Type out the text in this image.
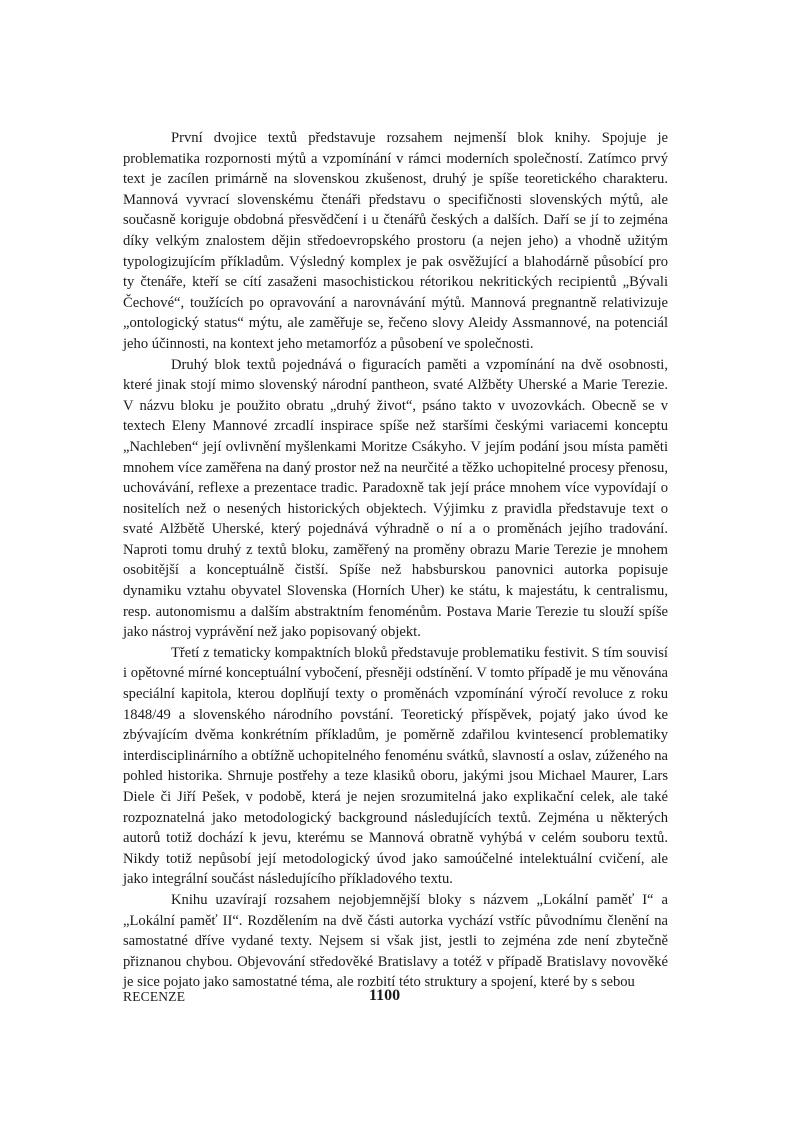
První dvojice textů představuje rozsahem nejmenší blok knihy. Spojuje je problematika rozpornosti mýtů a vzpomínání v rámci moderních společností. Zatímco prvý text je zacílen primárně na slovenskou zkušenost, druhý je spíše teoretického charakteru. Mannová vyvrací slovenskému čtenáři představu o specifičnosti slovenských mýtů, ale současně koriguje obdobná přesvědčení i u čtenářů českých a dalších. Daří se jí to zejména díky velkým znalostem dějin středoevropského prostoru (a nejen jeho) a vhodně užitým typologizujícím příkladům. Výsledný komplex je pak osvěžující a blahodárně působící pro ty čtenáře, kteří se cítí zasaženi masochistickou rétorikou nekritických recipientů „Bývali Čechové“, toužících po opravování a narovnávání mýtů. Mannová pregnantně relativizuje „ontologický status“ mýtu, ale zaměřuje se, řečeno slovy Aleidy Assmannové, na potenciál jeho účinnosti, na kontext jeho metamorfóz a působení ve společnosti.

Druhý blok textů pojednává o figuracích paměti a vzpomínání na dvě osobnosti, které jinak stojí mimo slovenský národní pantheon, svaté Alžběty Uherské a Marie Terezie. V názvu bloku je použito obratu „druhý život“, psáno takto v uvozovkách. Obecně se v textech Eleny Mannové zrcadlí inspirace spíše než staršími českými variacemi konceptu „Nachleben“ její ovlivnění myšlenkami Moritze Csákyho. V jejím podání jsou místa paměti mnohem více zaměřena na daný prostor než na neurčité a těžko uchopitelné procesy přenosu, uchovávání, reflexe a prezentace tradic. Paradoxně tak její práce mnohem více vypovídají o nositelích než o nesených historických objektech. Výjimku z pravidla představuje text o svaté Alžbětě Uherské, který pojednává výhradně o ní a o proměnách jejího tradování. Naproti tomu druhý z textů bloku, zaměřený na proměny obrazu Marie Terezie je mnohem osobitější a konceptuálně čistší. Spíše než habsburskou panovnici autorka popisuje dynamiku vztahu obyvatel Slovenska (Horních Uher) ke státu, k majestátu, k centralismu, resp. autonomismu a dalším abstraktním fenoménům. Postava Marie Terezie tu slouží spíše jako nástroj vyprávění než jako popisovaný objekt.

Třetí z tematicky kompaktních bloků představuje problematiku festivit. S tím souvisí i opětovné mírné konceptuální vybočení, přesněji odstínění. V tomto případě je mu věnována speciální kapitola, kterou doplňují texty o proměnách vzpomínání výročí revoluce z roku 1848/49 a slovenského národního povstání. Teoretický příspěvek, pojatý jako úvod ke zbývajícím dvěma konkrétním příkladům, je poměrně zdařilou kvintesencí problematiky interdisciplinárního a obtížně uchopitelného fenoménu svátků, slavností a oslav, zúženého na pohled historika. Shrnuje postřehy a teze klasiků oboru, jakými jsou Michael Maurer, Lars Diele či Jiří Pešek, v podobě, která je nejen srozumitelná jako explikační celek, ale také rozpoznatelná jako metodologický background následujících textů. Zejména u některých autorů totiž dochází k jevu, kterému se Mannová obratně vyhýbá v celém souboru textů. Nikdy totiž nepůsobí její metodologický úvod jako samoúčelné intelektuální cvičení, ale jako integrální součást následujícího příkladového textu.

Knihu uzavírají rozsahem nejobjemnější bloky s názvem „Lokální paměť I“ a „Lokální paměť II“. Rozdělením na dvě části autorka vychází vstříc původnímu členění na samostatné dříve vydané texty. Nejsem si však jist, jestli to zejména zde není zbytečně přiznanou chybou. Objevování středověké Bratislavy a totéž v případě Bratislavy novověké je sice pojato jako samostatné téma, ale rozbití této struktury a spojení, které by s sebou

RECENZE	1100
